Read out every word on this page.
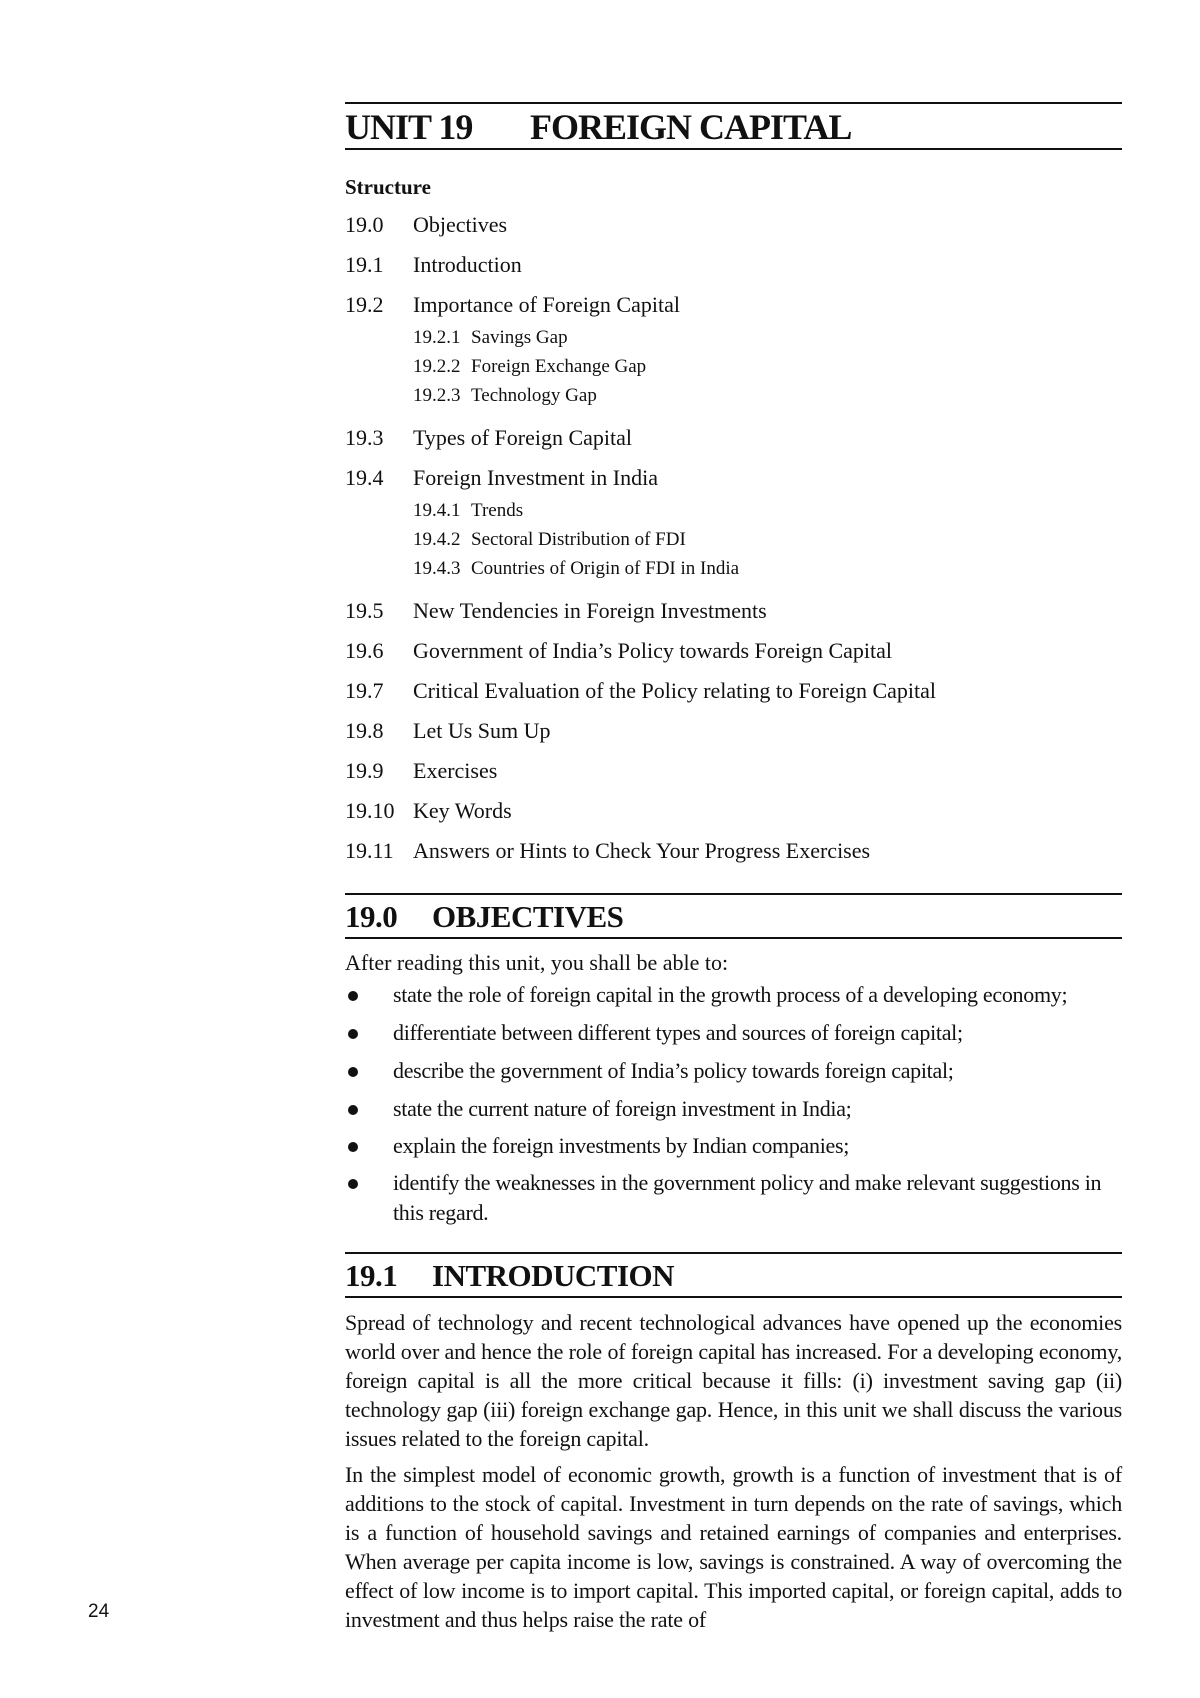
UNIT 19 FOREIGN CAPITAL
Structure
19.0 Objectives
19.1 Introduction
19.2 Importance of Foreign Capital
19.2.1 Savings Gap
19.2.2 Foreign Exchange Gap
19.2.3 Technology Gap
19.3 Types of Foreign Capital
19.4 Foreign Investment in India
19.4.1 Trends
19.4.2 Sectoral Distribution of FDI
19.4.3 Countries of Origin of FDI in India
19.5 New Tendencies in Foreign Investments
19.6 Government of India’s Policy towards Foreign Capital
19.7 Critical Evaluation of the Policy relating to Foreign Capital
19.8 Let Us Sum Up
19.9 Exercises
19.10 Key Words
19.11 Answers or Hints to Check Your Progress Exercises
19.0 OBJECTIVES
After reading this unit, you shall be able to:
state the role of foreign capital in the growth process of a developing economy;
differentiate between different types and sources of foreign capital;
describe the government of India’s policy towards foreign capital;
state the current nature of foreign investment in India;
explain the foreign investments by Indian companies;
identify the weaknesses in the government policy and make relevant suggestions in this regard.
19.1 INTRODUCTION
Spread of technology and recent technological advances have opened up the economies world over and hence the role of foreign capital has increased. For a developing economy, foreign capital is all the more critical because it fills: (i) investment saving gap (ii) technology gap (iii) foreign exchange gap. Hence, in this unit we shall discuss the various issues related to the foreign capital.
In the simplest model of economic growth, growth is a function of investment that is of additions to the stock of capital. Investment in turn depends on the rate of savings, which is a function of household savings and retained earnings of companies and enterprises. When average per capita income is low, savings is constrained. A way of overcoming the effect of low income is to import capital. This imported capital, or foreign capital, adds to investment and thus helps raise the rate of
24
